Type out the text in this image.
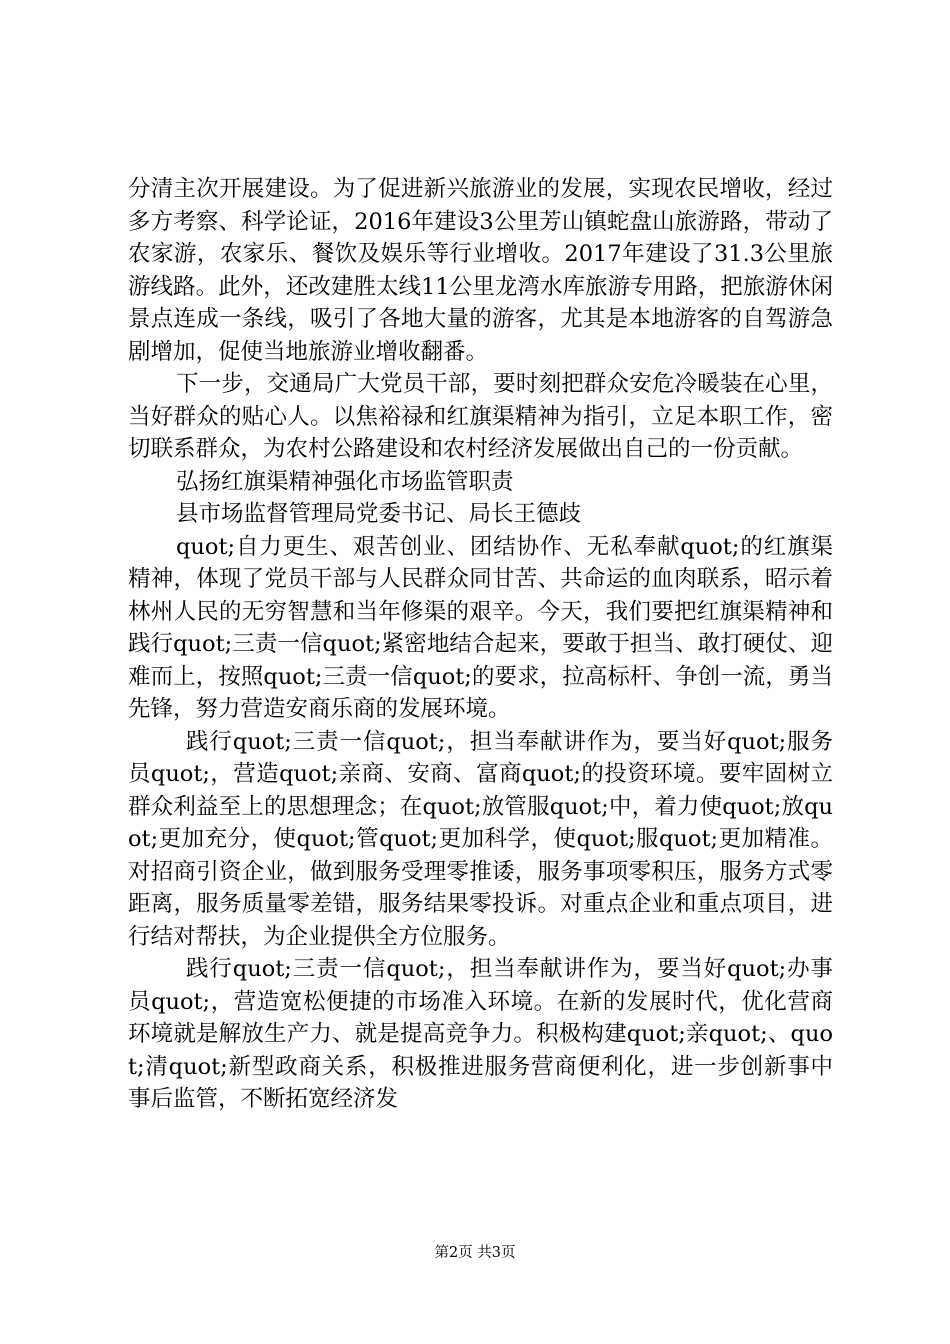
分清主次开展建设。为了促进新兴旅游业的发展，实现农民增收，经过多方考察、科学论证，2016年建设3公里芳山镇蛇盘山旅游路，带动了农家游，农家乐、餐饮及娱乐等行业增收。2017年建设了31.3公里旅游线路。此外，还改建胜太线11公里龙湾水库旅游专用路，把旅游休闲景点连成一条线，吸引了各地大量的游客，尤其是本地游客的自驾游急剧增加，促使当地旅游业增收翻番。

下一步，交通局广大党员干部，要时刻把群众安危冷暖装在心里，当好群众的贴心人。以焦裕禄和红旗渠精神为指引，立足本职工作，密切联系群众，为农村公路建设和农村经济发展做出自己的一份贡献。

弘扬红旗渠精神强化市场监管职责

县市场监督管理局党委书记、局长王德歧

quot;自力更生、艰苦创业、团结协作、无私奉献quot;的红旗渠精神，体现了党员干部与人民群众同甘苦、共命运的血肉联系，昭示着林州人民的无穷智慧和当年修渠的艰辛。今天，我们要把红旗渠精神和践行quot;三责一信quot;紧密地结合起来，要敢于担当、敢打硬仗、迎难而上，按照quot;三责一信quot;的要求，拉高标杆、争创一流，勇当先锋，努力营造安商乐商的发展环境。

践行quot;三责一信quot;，担当奉献讲作为，要当好quot;服务员quot;，营造quot;亲商、安商、富商quot;的投资环境。要牢固树立群众利益至上的思想理念；在quot;放管服quot;中，着力使quot;放quot;更加充分，使quot;管quot;更加科学，使quot;服quot;更加精准。对招商引资企业，做到服务受理零推诿，服务事项零积压，服务方式零距离，服务质量零差错，服务结果零投诉。对重点企业和重点项目，进行结对帮扶，为企业提供全方位服务。

践行quot;三责一信quot;，担当奉献讲作为，要当好quot;办事员quot;，营造宽松便捷的市场准入环境。在新的发展时代，优化营商环境就是解放生产力、就是提高竞争力。积极构建quot;亲quot;、quot;清quot;新型政商关系，积极推进服务营商便利化，进一步创新事中事后监管，不断拓宽经济发

第2页 共3页
